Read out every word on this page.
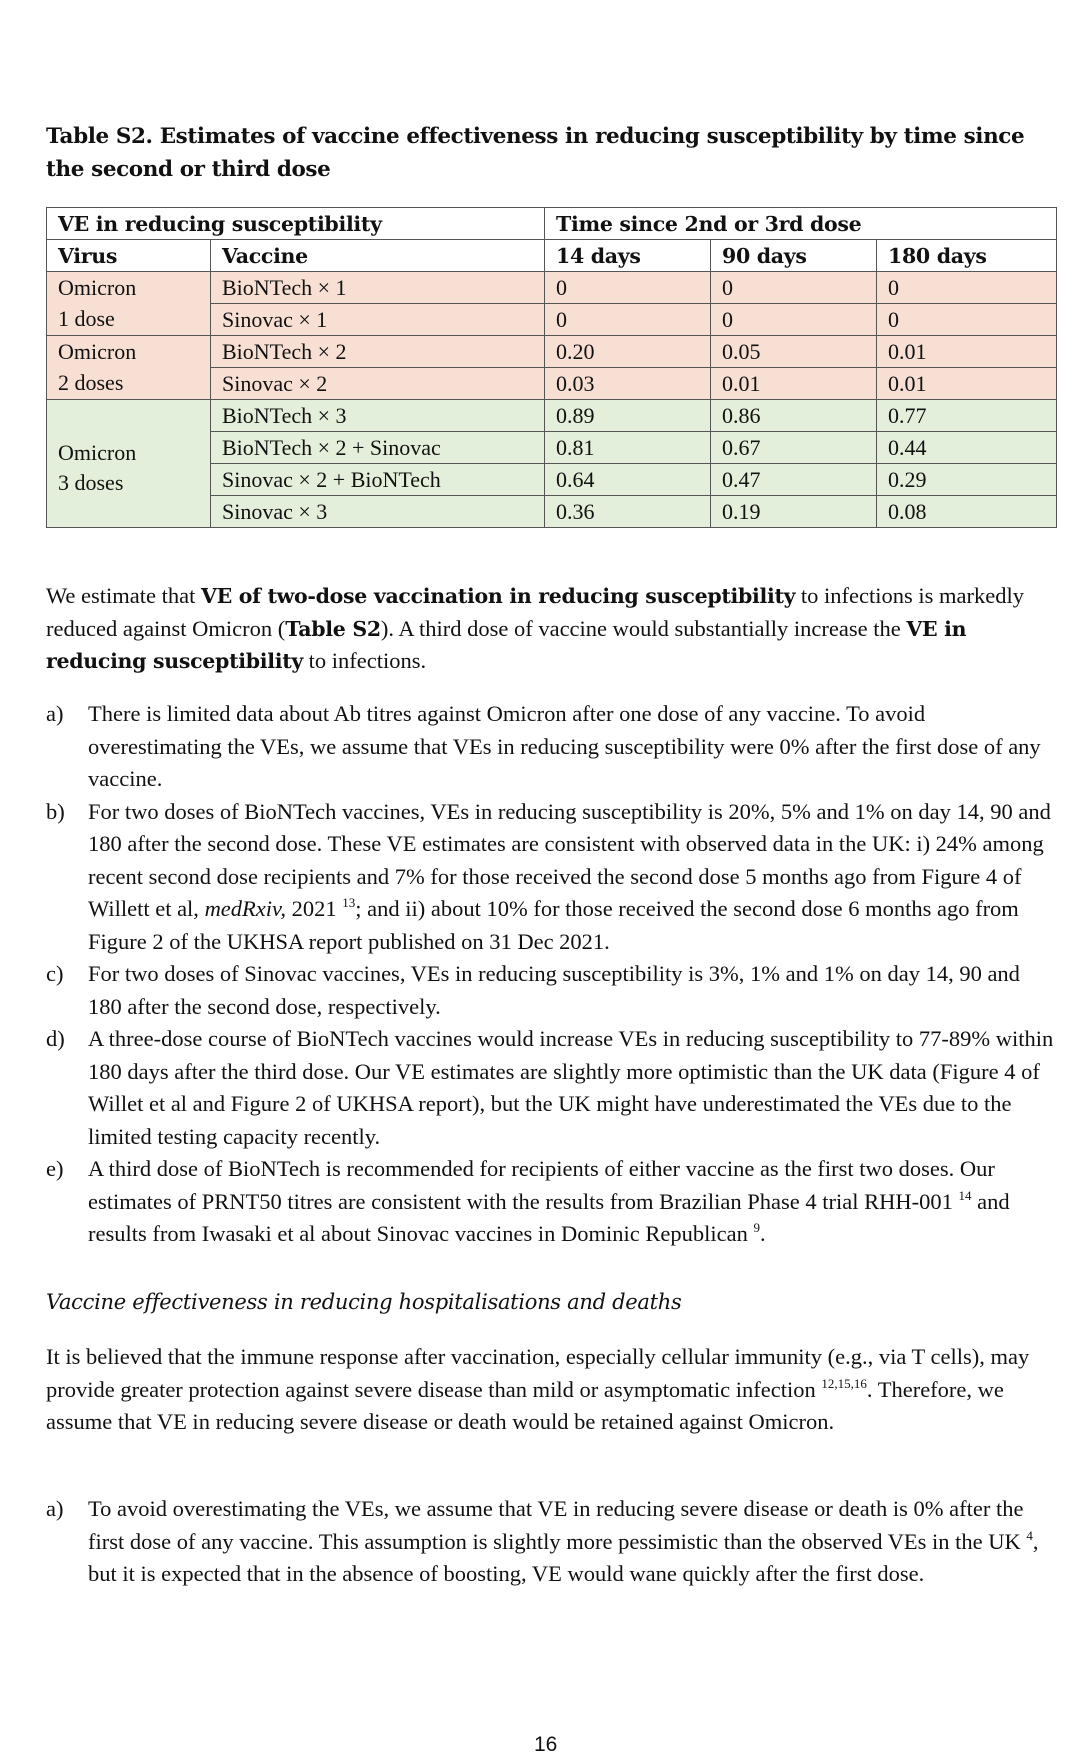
Table S2. Estimates of vaccine effectiveness in reducing susceptibility by time since the second or third dose
VE in reducing susceptibility		Time since 2nd or 3rd dose		
Virus	Vaccine	14 days	90 days	180 days
Omicron	BioNTech × 1	0	0	0
1 dose	Sinovac × 1	0	0	0
Omicron	BioNTech × 2	0.20	0.05	0.01
2 doses	Sinovac × 2	0.03	0.01	0.01

Omicron
3 doses	BioNTech × 3	0.89	0.86	0.77
	BioNTech × 2 + Sinovac	0.81	0.67	0.44
	Sinovac × 2 + BioNTech	0.64	0.47	0.29
	Sinovac × 3	0.36	0.19	0.08

We estimate that VE of two-dose vaccination in reducing susceptibility to infections is markedly reduced against Omicron (Table S2). A third dose of vaccine would substantially increase the VE in reducing susceptibility to infections.

a) There is limited data about Ab titres against Omicron after one dose of any vaccine. To avoid overestimating the VEs, we assume that VEs in reducing susceptibility were 0% after the first dose of any vaccine.
b) For two doses of BioNTech vaccines, VEs in reducing susceptibility is 20%, 5% and 1% on day 14, 90 and 180 after the second dose. These VE estimates are consistent with observed data in the UK: i) 24% among recent second dose recipients and 7% for those received the second dose 5 months ago from Figure 4 of Willett et al, medRxiv, 2021 $^{13}$; and ii) about 10% for those received the second dose 6 months ago from Figure 2 of the UKHSA report published on 31 Dec 2021.
c) For two doses of Sinovac vaccines, VEs in reducing susceptibility is 3%, 1% and 1% on day 14, 90 and 180 after the second dose, respectively.
d) A three-dose course of BioNTech vaccines would increase VEs in reducing susceptibility to 77-89% within 180 days after the third dose. Our VE estimates are slightly more optimistic than the UK data (Figure 4 of Willet et al and Figure 2 of UKHSA report), but the UK might have underestimated the VEs due to the limited testing capacity recently.
e) A third dose of BioNTech is recommended for recipients of either vaccine as the first two doses. Our estimates of PRNT50 titres are consistent with the results from Brazilian Phase 4 trial RHH-001 $^{14}$ and results from Iwasaki et al about Sinovac vaccines in Dominic Republican $^9$.
Vaccine effectiveness in reducing hospitalisations and deaths

It is believed that the immune response after vaccination, especially cellular immunity (e.g., via T cells), may provide greater protection against severe disease than mild or asymptomatic infection $^{12,15,16}$. Therefore, we assume that VE in reducing severe disease or death would be retained against Omicron.

a) To avoid overestimating the VEs, we assume that VE in reducing severe disease or death is 0% after the first dose of any vaccine. This assumption is slightly more pessimistic than the observed VEs in the UK $^4$, but it is expected that in the absence of boosting, VE would wane quickly after the first dose.
16
